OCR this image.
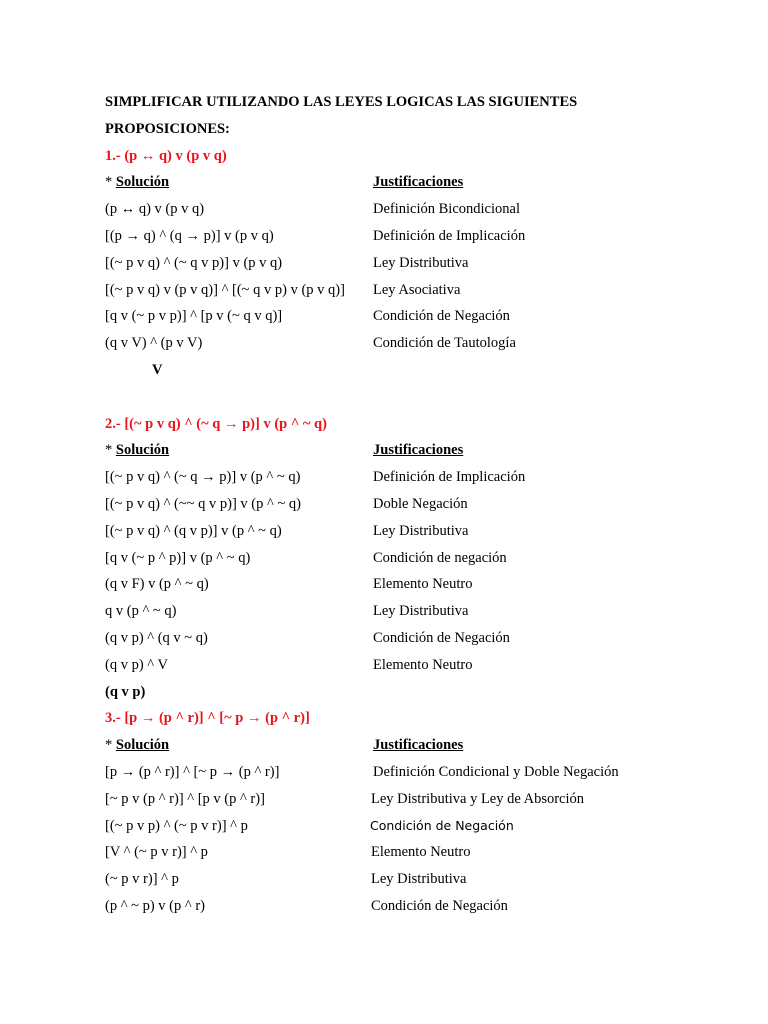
SIMPLIFICAR UTILIZANDO LAS LEYES LOGICAS LAS SIGUIENTES
PROPOSICIONES:
1.- (p ↔ q) v (p v q)
* Solución	Justificaciones
(p ↔ q) v (p v q)	Definición Bicondicional
[(p → q) ^ (q → p)] v (p v q)	Definición de Implicación
[(~ p v q) ^ (~ q v p)] v (p v q)	Ley Distributiva
[(~ p v q) v (p v q)] ^ [(~ q v p) v (p v q)] Ley Asociativa
[q v (~ p v p)] ^ [p v (~ q v q)]	Condición de Negación
(q v V) ^ (p v V)	Condición de Tautología
V
2.- [(~ p v q) ^ (~ q → p)] v (p ^ ~ q)
* Solución	Justificaciones
[(~ p v q) ^ (~ q → p)] v (p ^ ~ q)	Definición de Implicación
[(~ p v q) ^ (~~ q v p)] v (p ^ ~ q)	Doble Negación
[(~ p v q) ^ (q v p)] v (p ^ ~ q)	Ley Distributiva
[q v (~ p ^ p)] v (p ^ ~ q)	Condición de negación
(q v F) v (p ^ ~ q)	Elemento Neutro
q v (p ^ ~ q)	Ley Distributiva
(q v p) ^ (q v ~ q)	Condición de Negación
(q v p) ^ V	Elemento Neutro
(q v p)
3.- [p → (p ^ r)] ^ [~ p → (p ^ r)]
* Solución	Justificaciones
[p → (p ^ r)] ^ [~ p → (p ^ r)]	Definición Condicional y Doble Negación
[~ p v (p ^ r)] ^ [p v (p ^ r)]	Ley Distributiva y Ley de Absorción
[(~ p v p) ^ (~ p v r)] ^ p	Condición de Negación
[V ^ (~ p v r)] ^ p	Elemento Neutro
(~ p v r)] ^ p	Ley Distributiva
(p ^ ~ p) v (p ^ r)	Condición de Negación
